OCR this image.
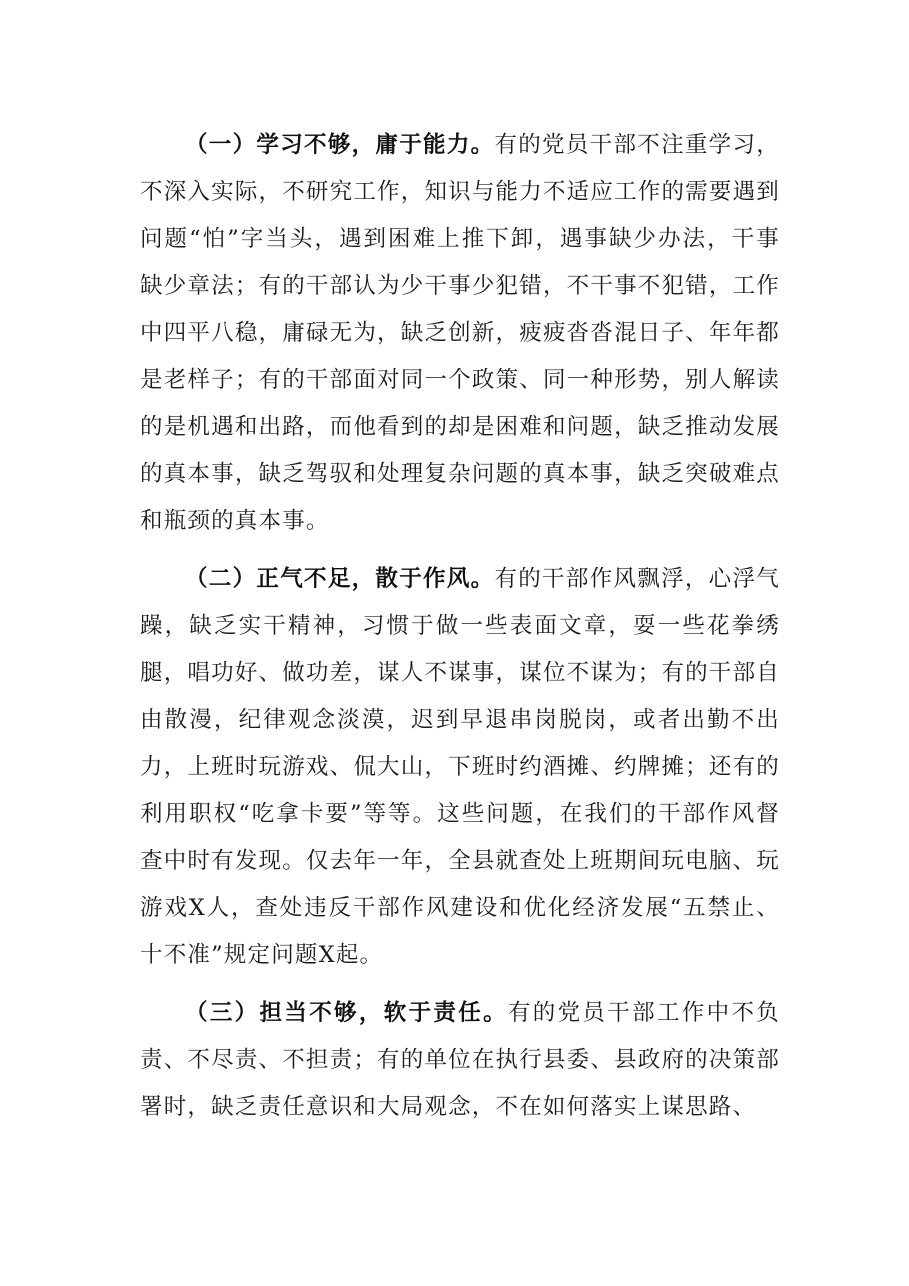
（一）学习不够，庸于能力。有的党员干部不注重学习，不深入实际，不研究工作，知识与能力不适应工作的需要遇到问题“怕”字当头，遇到困难上推下卸，遇事缺少办法，干事缺少章法；有的干部认为少干事少犯错，不干事不犯错，工作中四平八稳，庸碌无为，缺乏创新，疲疲沓沓混日子、年年都是老样子；有的干部面对同一个政策、同一种形势，别人解读的是机遇和出路，而他看到的却是困难和问题，缺乏推动发展的真本事，缺乏驾驭和处理复杂问题的真本事，缺乏突破难点和瓶颈的真本事。

（二）正气不足，散于作风。有的干部作风飘浮，心浮气躁，缺乏实干精神，习惯于做一些表面文章，耍一些花拳绣腿，唱功好、做功差，谋人不谋事，谋位不谋为；有的干部自由散漫，纪律观念淡漠，迟到早退串岗脱岗，或者出勤不出力，上班时玩游戏、侃大山，下班时约酒摊、约牌摊；还有的利用职权“吃拿卡要”等等。这些问题，在我们的干部作风督查中时有发现。仅去年一年，全县就查处上班期间玩电脑、玩游戏X人，查处违反干部作风建设和优化经济发展“五禁止、十不准”规定问题X起。

（三）担当不够，软于责任。有的党员干部工作中不负责、不尽责、不担责；有的单位在执行县委、县政府的决策部署时，缺乏责任意识和大局观念，不在如何落实上谋思路、
